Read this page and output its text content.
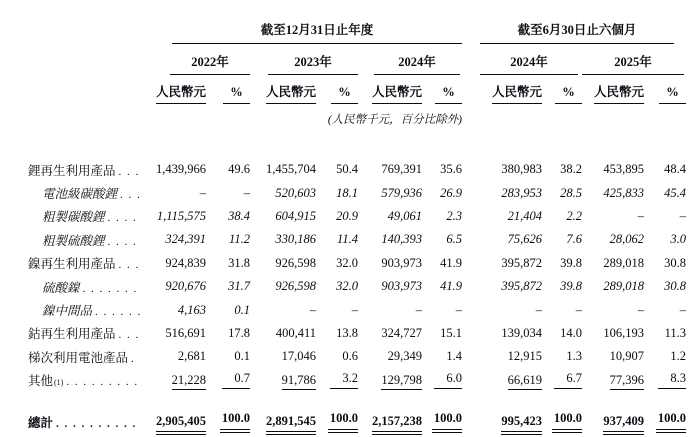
截至12月31日止年度	截至6月30日止六個月
2022年	2023年	2024年	2024年	2025年
人民幣元	%	人民幣元	%	人民幣元	%	人民幣元	%	人民幣元	%
(人民幣千元，百分比除外)
鋰再生利用產品 . . .	1,439,966	49.6	1,455,704	50.4	769,391	35.6	380,983	38.2	453,895	48.4
電池級碳酸鋰 . . .	–	–	520,603	18.1	579,936	26.9	283,953	28.5	425,833	45.4
粗製碳酸鋰 . . .	1,115,575	38.4	604,915	20.9	49,061	2.3	21,404	2.2	–	–
粗製硫酸鋰 . . .	324,391	11.2	330,186	11.4	140,393	6.5	75,626	7.6	28,062	3.0
鎳再生利用產品 . . .	924,839	31.8	926,598	32.0	903,973	41.9	395,872	39.8	289,018	30.8
硫酸鎳 . . .	920,676	31.7	926,598	32.0	903,973	41.9	395,872	39.8	289,018	30.8
鎳中間品 . . .	4,163	0.1	–	–	–	–	–	–	–	–
鈷再生利用產品 . . .	516,691	17.8	400,411	13.8	324,727	15.1	139,034	14.0	106,193	11.3
梯次利用電池產品 . . .	2,681	0.1	17,046	0.6	29,349	1.4	12,915	1.3	10,907	1.2
其他 (1) . . .	21,228	0.7	91,786	3.2	129,798	6.0	66,619	6.7	77,396	8.3
總計 . . .	2,905,405	100.0	2,891,545	100.0	2,157,238 100.0	995,423 100.0	937,409	100.0
